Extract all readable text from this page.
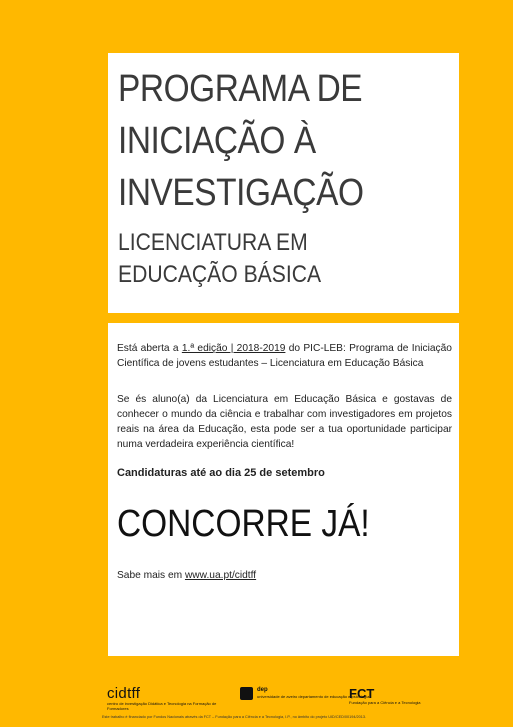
PROGRAMA DE
INICIAÇÃO À
INVESTIGAÇÃO
LICENCIATURA EM
EDUCAÇÃO BÁSICA

Está aberta a 1.ª edição | 2018-2019 do PIC-LEB: Programa de Iniciação Científica de jovens estudantes – Licenciatura em Educação Básica

Se és aluno(a) da Licenciatura em Educação Básica e gostavas de conhecer o mundo da ciência e trabalhar com investigadores em projetos reais na área da Educação, esta pode ser a tua oportunidade participar numa verdadeira experiência científica!

Candidaturas até ao dia 25 de setembro

CONCORRE JÁ!

Sabe mais em www.ua.pt/cidtff

cidtff
centro de investigação Didática e Tecnologia na Formação de Formadores
dep
universidade de aveiro departamento de educação e psicologia
FCT
Fundação para a Ciência e a Tecnologia
Este trabalho é financiado por Fundos Nacionais através da FCT – Fundação para a Ciência e a Tecnologia, I.P., no âmbito do projeto UID/CED/00194/2013.
